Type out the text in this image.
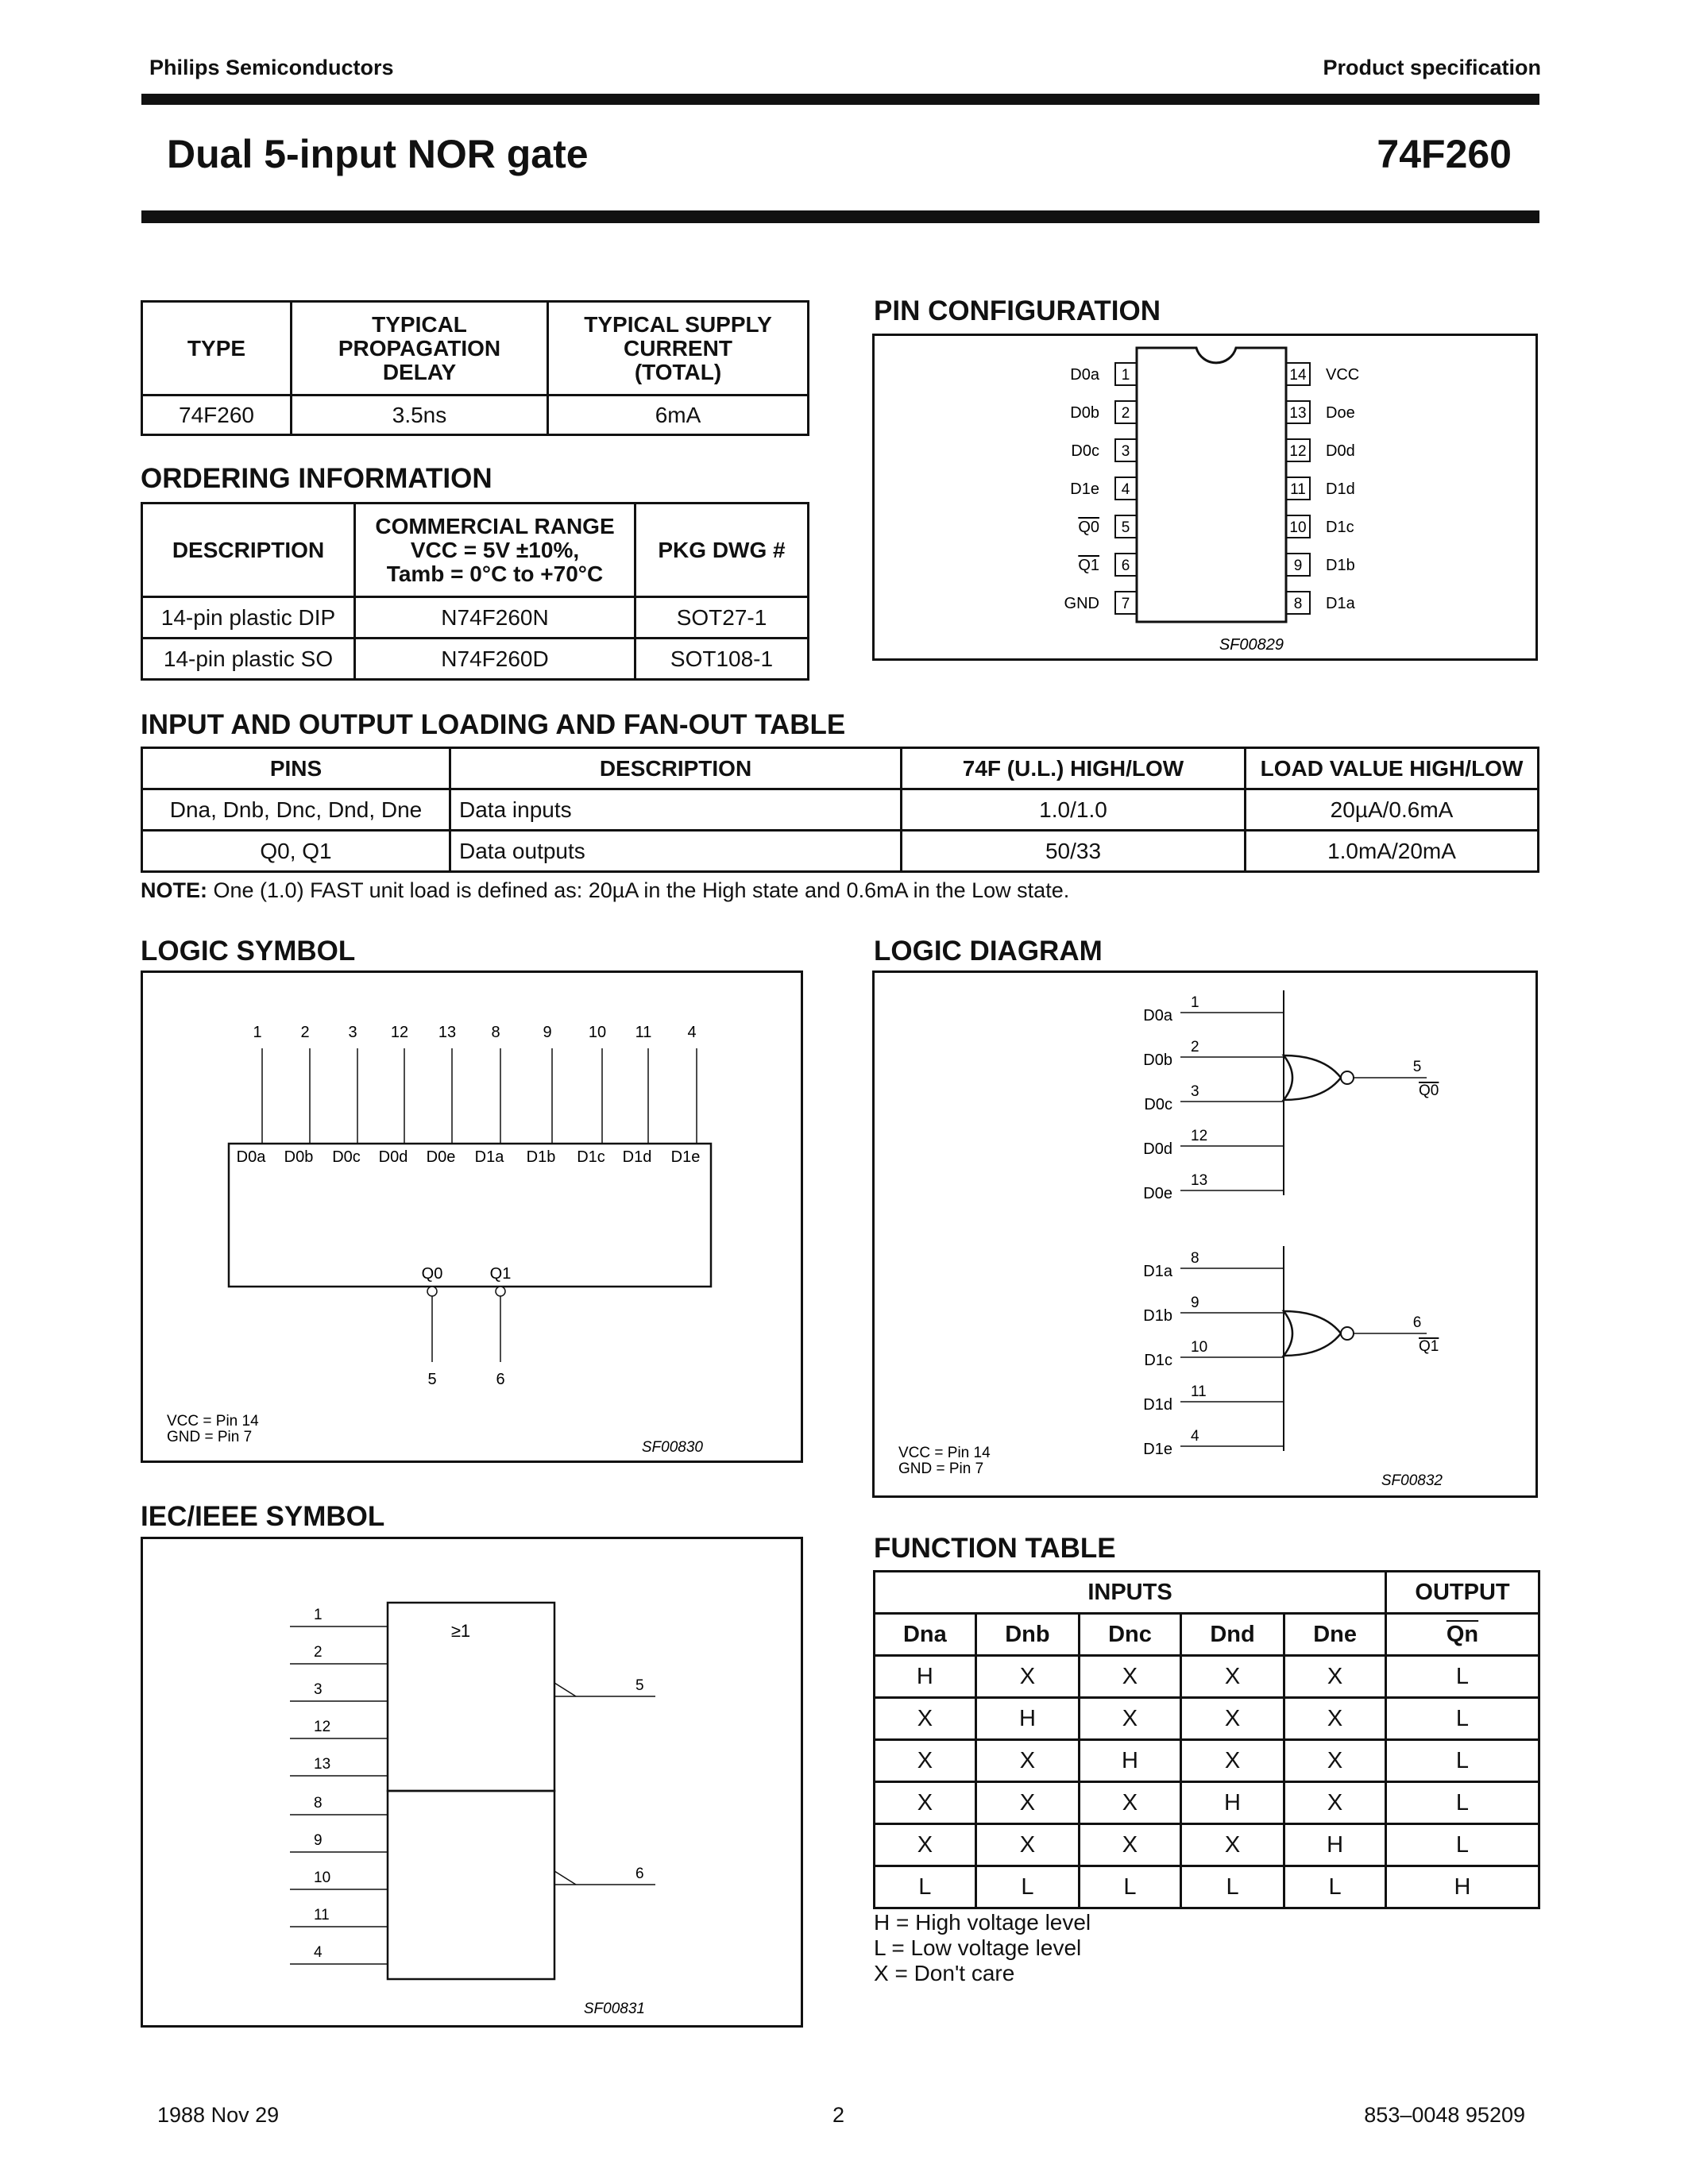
Philips Semiconductors	Product specification
Dual 5-input NOR gate	74F260
TYPE	TYPICAL PROPAGATION DELAY	TYPICAL SUPPLY CURRENT (TOTAL)
74F260	3.5ns	6mA
ORDERING INFORMATION
DESCRIPTION	COMMERCIAL RANGE
VCC = 5V ±10%,
Tamb = 0°C to +70°C	PKG DWG #
14-pin plastic DIP	N74F260N	SOT27-1
14-pin plastic SO	N74F260D	SOT108-1
PIN CONFIGURATION
1
D0a
2
D0b
3
D0c
4
D1e
5
Q0
6
Q1
7
GND
14 VCC
13 Doe
12 D0d
11 D1d
10 D1c
9 D1b
8 D1a
SF00829
INPUT AND OUTPUT LOADING AND FAN-OUT TABLE
PINS	DESCRIPTION	74F (U.L.) HIGH/LOW	LOAD VALUE HIGH/LOW
Dna, Dnb, Dnc, Dnd, Dne	Data inputs	1.0/1.0	20µA/0.6mA
Q0, Q1	Data outputs	50/33	1.0mA/20mA
NOTE: One (1.0) FAST unit load is defined as: 20µA in the High state and 0.6mA in the Low state.
LOGIC SYMBOL
1
D0a
2
D0b
3
D0c
12
D0d
13
D0e
8
D1a
9
D1b
10
D1c
11
D1d
4
D1e
Q0
5
Q1
6
VCC = Pin 14
GND = Pin 7
SF00830
LOGIC DIAGRAM
D0a
1
D0b
2
D0c
3
D0d
12
D0e
13
5
Q0
D1a
8
D1b
9
D1c
10
D1d
11
D1e
4
6
Q1
VCC = Pin 14
GND = Pin 7
SF00832
IEC/IEEE SYMBOL
≥1
1
2
3
12
13
8
9
10
11
4
5
6
SF00831
FUNCTION TABLE
INPUTS					OUTPUT
Dna	Dnb	Dnc	Dnd	Dne	$\overline{Qn}$
H	X	X	X	X	L
X	H	X	X	X	L
X	X	H	X	X	L
X	X	X	H	X	L
X	X	X	X	H	L
L	L	L	L	L	H
H = High voltage level
L = Low voltage level
X = Don't care
1988 Nov 29	2	853–0048 95209
